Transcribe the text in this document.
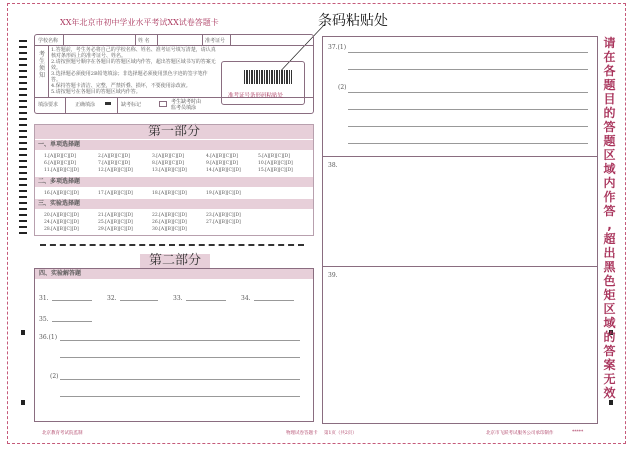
XX年北京市初中学业水平考试XX试卷答题卡	条码粘贴处
学校名称	姓 名	准考证号
考生须知
1.答题前，考生务必将自己的学校名称、姓名、准考证号填写清楚，请认真核对条形码上的准考证号、姓名。
2.请按照题号顺序在各题目的答题区域内作答，超出答题区域书写的答案无效。
3.选择题必须使用2B铅笔填涂；非选择题必须使用黑色字迹的签字笔作答。
4.保持答题卡清洁、完整，严禁折叠、损坏，不要使用涂改液。
5.请按题号在各题目的答题区域内作答。
准考证号条形码粘贴处
填涂要求	正确填涂	缺考标记	考生缺考时由监考员填涂
第一部分
一、单项选择题
1.[A][B][C][D]	2.[A][B][C][D]	3.[A][B][C][D]	4.[A][B][C][D]	5.[A][B][C][D]
6.[A][B][C][D]	7.[A][B][C][D]	8.[A][B][C][D]	9.[A][B][C][D]	10.[A][B][C][D]
11.[A][B][C][D]	12.[A][B][C][D]	13.[A][B][C][D]	14.[A][B][C][D]	15.[A][B][C][D]
二、多项选择题
16.[A][B][C][D]	17.[A][B][C][D]	18.[A][B][C][D]	19.[A][B][C][D]
三、实验选择题
20.[A][B][C][D]	21.[A][B][C][D]	22.[A][B][C][D]	23.[A][B][C][D]
24.[A][B][C][D]	25.[A][B][C][D]	26.[A][B][C][D]	27.[A][B][C][D]
28.[A][B][C][D]	29.[A][B][C][D]	30.[A][B][C][D]
第二部分
四、实验解答题
31.	32.	33.	34.
35.
36.(1)
(2)
37.(1)
(2)
38.
39.
请
在
各
题
目
的
答
题
区
域
内
作
答
,
超
出
黑
色
矩
区
域
的
答
案
无
效
北京教育考试院监制	物理试卷答题卡 第1页（共2页）	北京市飞跃考试服务公司承印制作	*****
